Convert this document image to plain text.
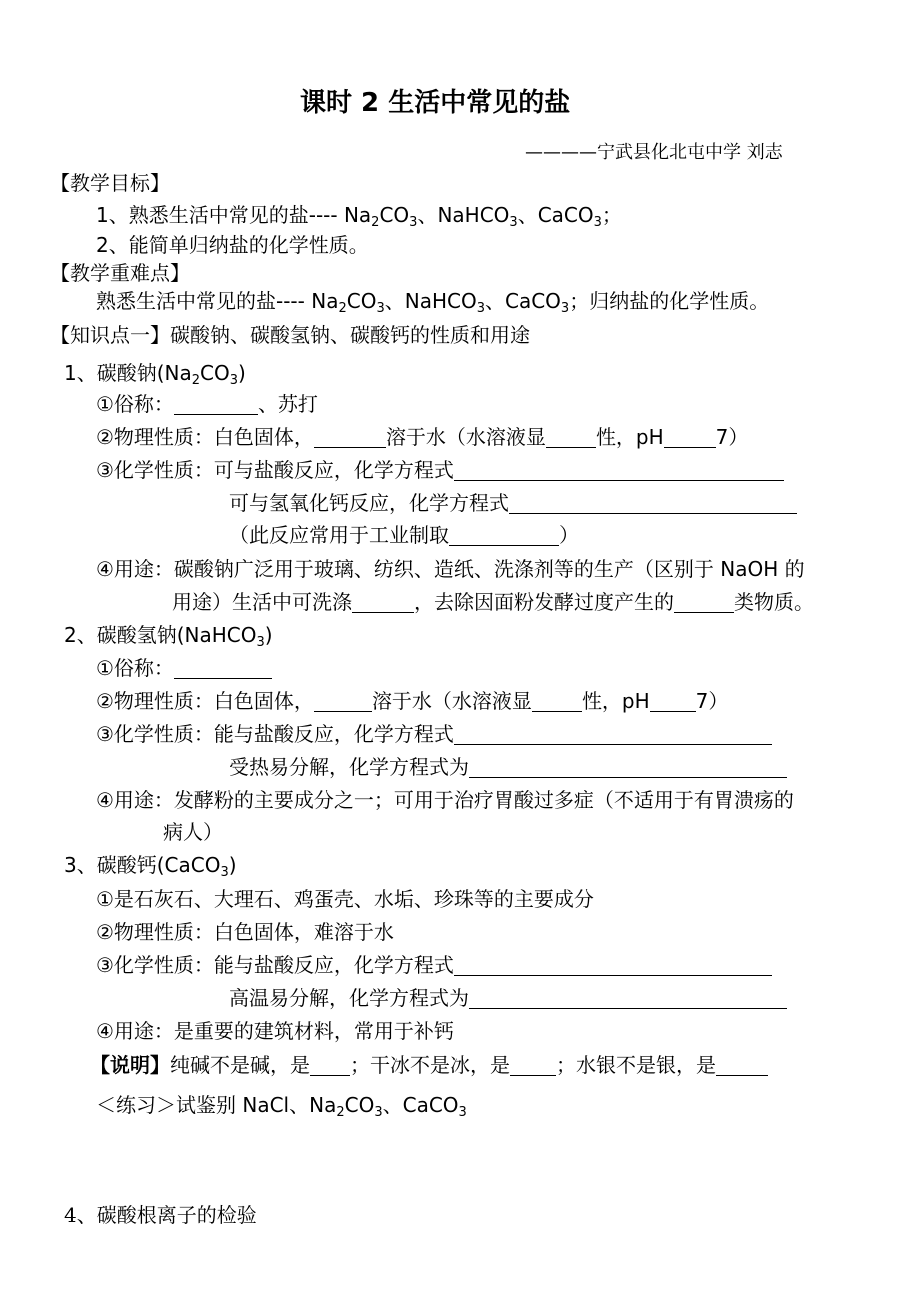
课时 2 生活中常见的盐
————宁武县化北屯中学 刘志
【教学目标】
1、熟悉生活中常见的盐---- $Na_2CO_3$、NaHCO$_3$、CaCO$_3$；
2、能简单归纳盐的化学性质。
【教学重难点】
熟悉生活中常见的盐---- $Na_2CO_3$、NaHCO$_3$、CaCO$_3$；归纳盐的化学性质。
【知识点一】碳酸钠、碳酸氢钠、碳酸钙的性质和用途
1、碳酸钠$(Na_2CO_3)$
①俗称：	、苏打
②物理性质：白色固体，	溶于水（水溶液显	性，pH	7）
③化学性质：可与盐酸反应，化学方程式
可与氢氧化钙反应，化学方程式
（此反应常用于工业制取	）
④用途：碳酸钠广泛用于玻璃、纺织、造纸、洗涤剂等的生产（区别于 NaOH 的
用途）生活中可洗涤	，去除因面粉发酵过度产生的	类物质。
2、碳酸氢钠(NaHCO$_3$)
①俗称：
②物理性质：白色固体，	溶于水（水溶液显	性，pH 7）
③化学性质：能与盐酸反应，化学方程式
受热易分解，化学方程式为
④用途：发酵粉的主要成分之一；可用于治疗胃酸过多症（不适用于有胃溃疡的
病人）
3、碳酸钙(CaCO$_3$)
①是石灰石、大理石、鸡蛋壳、水垢、珍珠等的主要成分
②物理性质：白色固体，难溶于水
③化学性质：能与盐酸反应，化学方程式
高温易分解，化学方程式为
④用途：是重要的建筑材料，常用于补钙
【说明】纯碱不是碱，是 ；干冰不是冰，是 ；水银不是银，是
＜练习＞试鉴别 NaCl、$Na_2CO_3$、CaCO$_3$
4、碳酸根离子的检验
